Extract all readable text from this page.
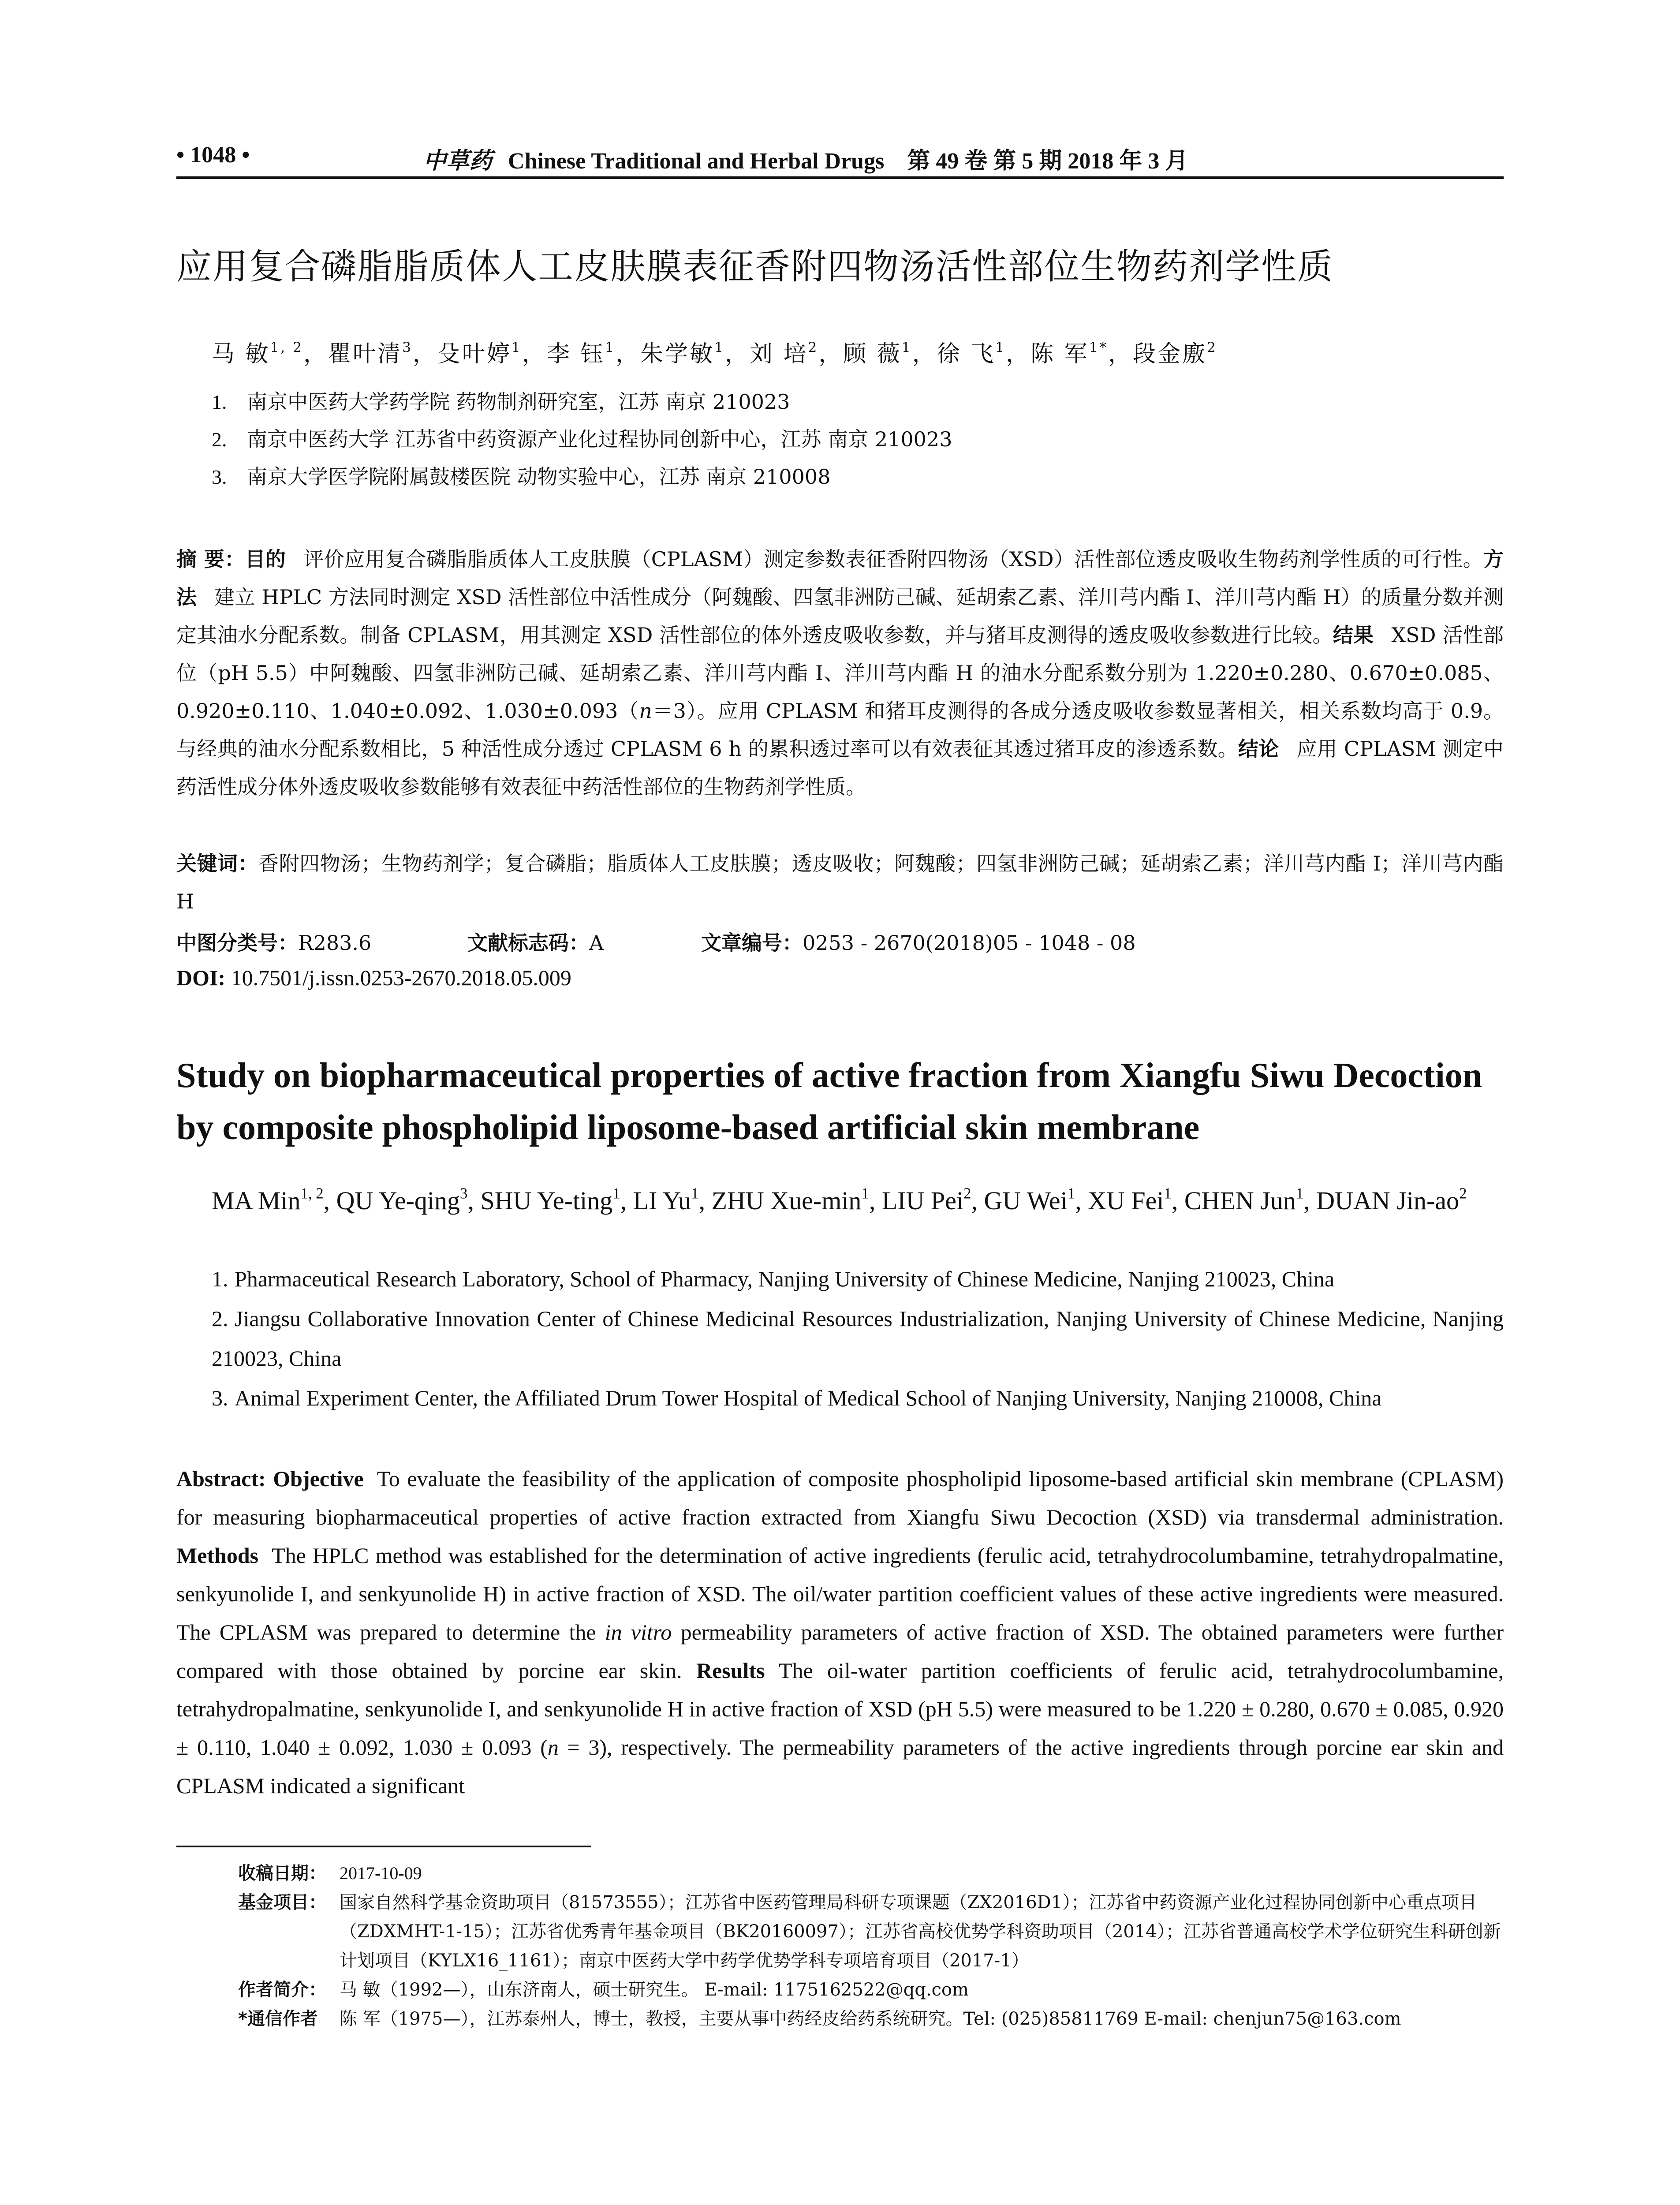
• 1048 •	中草药 Chinese Traditional and Herbal Drugs 第 49 卷 第 5 期 2018 年 3 月
应用复合磷脂脂质体人工皮肤膜表征香附四物汤活性部位生物药剂学性质
马 敏$^{1, 2}$，瞿叶清$^3$，殳叶婷$^1$，李 钰$^1$，朱学敏$^1$，刘 培$^2$，顾 薇$^1$，徐 飞$^1$，陈 军$^{1*}$，段金廒$^2$
1. 南京中医药大学药学院 药物制剂研究室，江苏 南京 210023
2. 南京中医药大学 江苏省中药资源产业化过程协同创新中心，江苏 南京 210023
3. 南京大学医学院附属鼓楼医院 动物实验中心，江苏 南京 210008
摘 要：目的 评价应用复合磷脂脂质体人工皮肤膜（CPLASM）测定参数表征香附四物汤（XSD）活性部位透皮吸收生物药剂学性质的可行性。方法 建立 HPLC 方法同时测定 XSD 活性部位中活性成分（阿魏酸、四氢非洲防己碱、延胡索乙素、洋川芎内酯 I、洋川芎内酯 H）的质量分数并测定其油水分配系数。制备 CPLASM，用其测定 XSD 活性部位的体外透皮吸收参数，并与猪耳皮测得的透皮吸收参数进行比较。结果 XSD 活性部位（pH 5.5）中阿魏酸、四氢非洲防己碱、延胡索乙素、洋川芎内酯 I、洋川芎内酯 H 的油水分配系数分别为 1.220±0.280、0.670±0.085、0.920±0.110、1.040±0.092、1.030±0.093（n＝3）。应用 CPLASM 和猪耳皮测得的各成分透皮吸收参数显著相关，相关系数均高于 0.9。与经典的油水分配系数相比，5 种活性成分透过 CPLASM 6 h 的累积透过率可以有效表征其透过猪耳皮的渗透系数。结论 应用 CPLASM 测定中药活性成分体外透皮吸收参数能够有效表征中药活性部位的生物药剂学性质。
关键词：香附四物汤；生物药剂学；复合磷脂；脂质体人工皮肤膜；透皮吸收；阿魏酸；四氢非洲防己碱；延胡索乙素；洋川芎内酯 I；洋川芎内酯 H
中图分类号：R283.6	文献标志码：A	文章编号：0253 - 2670(2018)05 - 1048 - 08
DOI: 10.7501/j.issn.0253-2670.2018.05.009
Study on biopharmaceutical properties of active fraction from Xiangfu Siwu Decoction by composite phospholipid liposome-based artificial skin membrane
MA Min$^{1, 2}$, QU Ye-qing$^3$, SHU Ye-ting$^1$, LI Yu$^1$, ZHU Xue-$\min^1$, LIU Pei$^2$, GU Wei$^1$, XU Fei$^1$, CHEN Jun$^1$, DUAN Jin-$ao^2$
1. Pharmaceutical Research Laboratory, School of Pharmacy, Nanjing University of Chinese Medicine, Nanjing 210023, China
2. Jiangsu Collaborative Innovation Center of Chinese Medicinal Resources Industrialization, Nanjing University of Chinese Medicine, Nanjing 210023, China
3. Animal Experiment Center, the Affiliated Drum Tower Hospital of Medical School of Nanjing University, Nanjing 210008, China
Abstract: Objective To evaluate the feasibility of the application of composite phospholipid liposome-based artificial skin membrane (CPLASM) for measuring biopharmaceutical properties of active fraction extracted from Xiangfu Siwu Decoction (XSD) via transdermal administration. Methods The HPLC method was established for the determination of active ingredients (ferulic acid, tetrahydrocolumbamine, tetrahydropalmatine, senkyunolide I, and senkyunolide H) in active fraction of XSD. The oil/water partition coefficient values of these active ingredients were measured. The CPLASM was prepared to determine the in vitro permeability parameters of active fraction of XSD. The obtained parameters were further compared with those obtained by porcine ear skin. Results The oil-water partition coefficients of ferulic acid, tetrahydrocolumbamine, tetrahydropalmatine, senkyunolide I, and senkyunolide H in active fraction of XSD (pH 5.5) were measured to be 1.220 ± 0.280, 0.670 ± 0.085, 0.920 ± 0.110, 1.040 ± 0.092, 1.030 ± 0.093 (n = 3), respectively. The permeability parameters of the active ingredients through porcine ear skin and CPLASM indicated a significant
收稿日期： 2017-10-09
基金项目： 国家自然科学基金资助项目（81573555）；江苏省中医药管理局科研专项课题（ZX2016D1）；江苏省中药资源产业化过程协同创新中心重点项目（ZDXMHT-1-15）；江苏省优秀青年基金项目（BK20160097）；江苏省高校优势学科资助项目（2014）；江苏省普通高校学术学位研究生科研创新计划项目（KYLX16_1161）；南京中医药大学中药学优势学科专项培育项目（2017-1）
作者简介： 马 敏（1992—），山东济南人，硕士研究生。 E-mail: 1175162522@qq.com
*通信作者	陈 军（1975—），江苏泰州人，博士，教授，主要从事中药经皮给药系统研究。Tel: (025)85811769 E-mail: chenjun75@163.com
